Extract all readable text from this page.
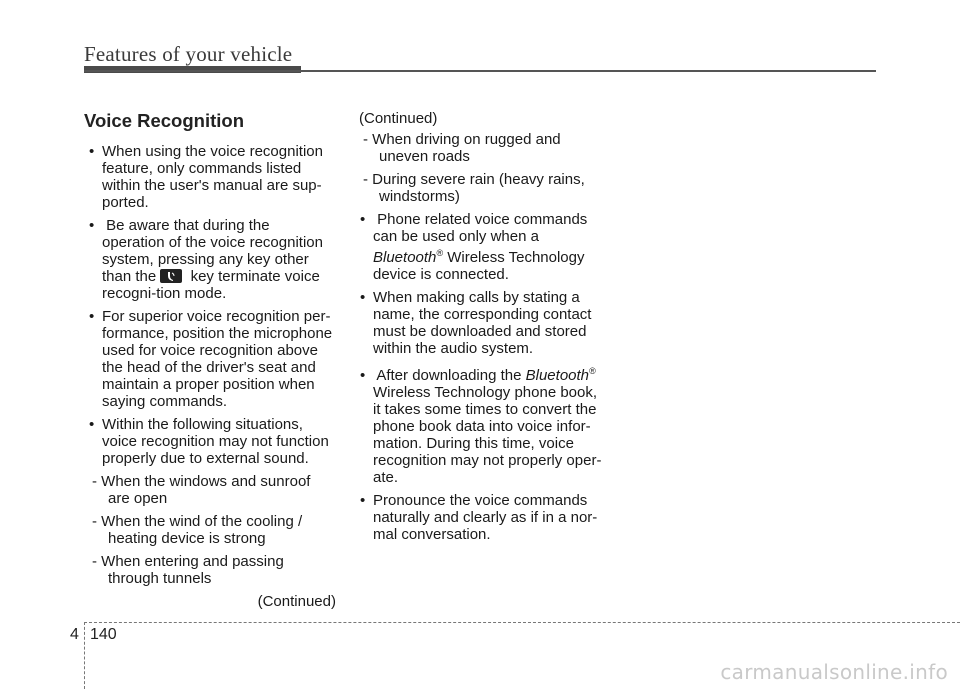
Features of your vehicle
Voice Recognition
• When using the voice recognition feature, only commands listed within the user's manual are sup-ported.
• Be aware that during the operation of the voice recognition system, pressing any key other than the key terminate voice recogni-tion mode.
• For superior voice recognition per-formance, position the microphone used for voice recognition above the head of the driver's seat and maintain a proper position when saying commands.
• Within the following situations, voice recognition may not function properly due to external sound.
- When the windows and sunroof are open
- When the wind of the cooling / heating device is strong
- When entering and passing through tunnels
(Continued)
(Continued)
- When driving on rugged and uneven roads
- During severe rain (heavy rains, windstorms)
• Phone related voice commands can be used only when a Bluetooth® Wireless Technology device is connected.
• When making calls by stating a name, the corresponding contact must be downloaded and stored within the audio system.
• After downloading the Bluetooth® Wireless Technology phone book, it takes some times to convert the phone book data into voice infor-mation. During this time, voice recognition may not properly oper-ate.
• Pronounce the voice commands naturally and clearly as if in a nor-mal conversation.
4 140
carmanualsonline.info
